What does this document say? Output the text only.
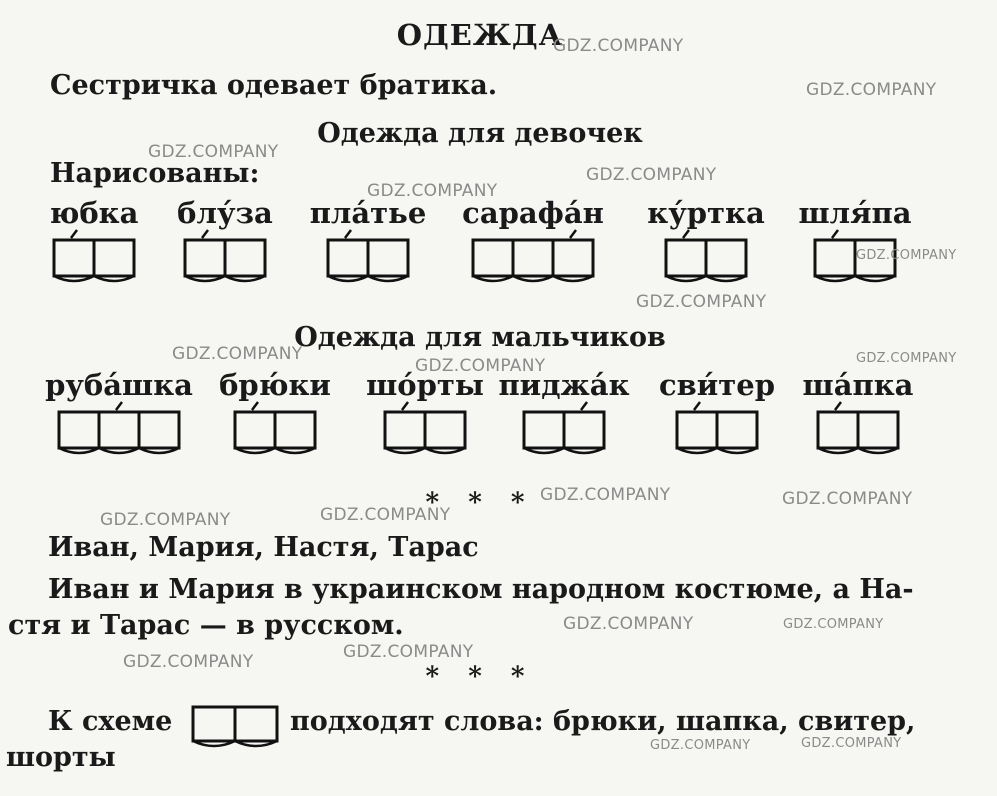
ОДЕЖДА
Сестричка одевает братика.
Одежда для девочек
Нарисованы:
юбка блу́за пла́тье сарафа́н ку́ртка шля́па
Одежда для мальчиков
руба́шка брю́ки шо́рты пиджа́к сви́тер ша́пка
* * *
Иван, Мария, Настя, Тарас
Иван и Мария в украинском народном костюме, а На-
стя и Тарас — в русском.
* * *
К схеме	подходят слова: брюки, шапка, свитер,
шорты
GDZ.COMPANY
GDZ.COMPANY
GDZ.COMPANY
GDZ.COMPANY
GDZ.COMPANY
GDZ.COMPANY
GDZ.COMPANY
GDZ.COMPANY	GDZ.COMPANY
GDZ.COMPANY
GDZ.COMPANY	GDZ.COMPANY
GDZ.COMPANY
GDZ.COMPANY
GDZ.COMPANY	GDZ.COMPANY
GDZ.COMPANY
GDZ.COMPANY
GDZ.COMPANY	GDZ.COMPANY
